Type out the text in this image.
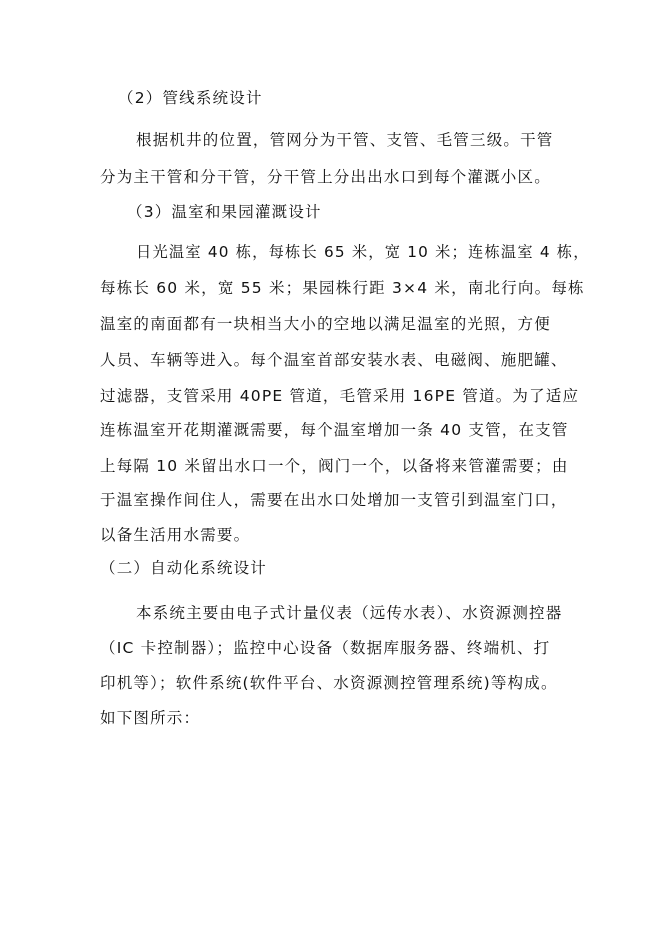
（2）管线系统设计
根据机井的位置，管网分为干管、支管、毛管三级。干管
分为主干管和分干管，分干管上分出出水口到每个灌溉小区。
（3）温室和果园灌溉设计
日光温室 40 栋，每栋长 65 米，宽 10 米；连栋温室 4 栋，
每栋长 60 米，宽 55 米；果园株行距 3×4 米，南北行向。每栋
温室的南面都有一块相当大小的空地以满足温室的光照，方便
人员、车辆等进入。每个温室首部安装水表、电磁阀、施肥罐、
过滤器，支管采用 40PE 管道，毛管采用 16PE 管道。为了适应
连栋温室开花期灌溉需要，每个温室增加一条 40 支管，在支管
上每隔 10 米留出水口一个，阀门一个，以备将来管灌需要；由
于温室操作间住人，需要在出水口处增加一支管引到温室门口，
以备生活用水需要。
（二）自动化系统设计
本系统主要由电子式计量仪表（远传水表）、水资源测控器
（IC 卡控制器）；监控中心设备（数据库服务器、终端机、打
印机等）；软件系统(软件平台、水资源测控管理系统)等构成。
如下图所示：
